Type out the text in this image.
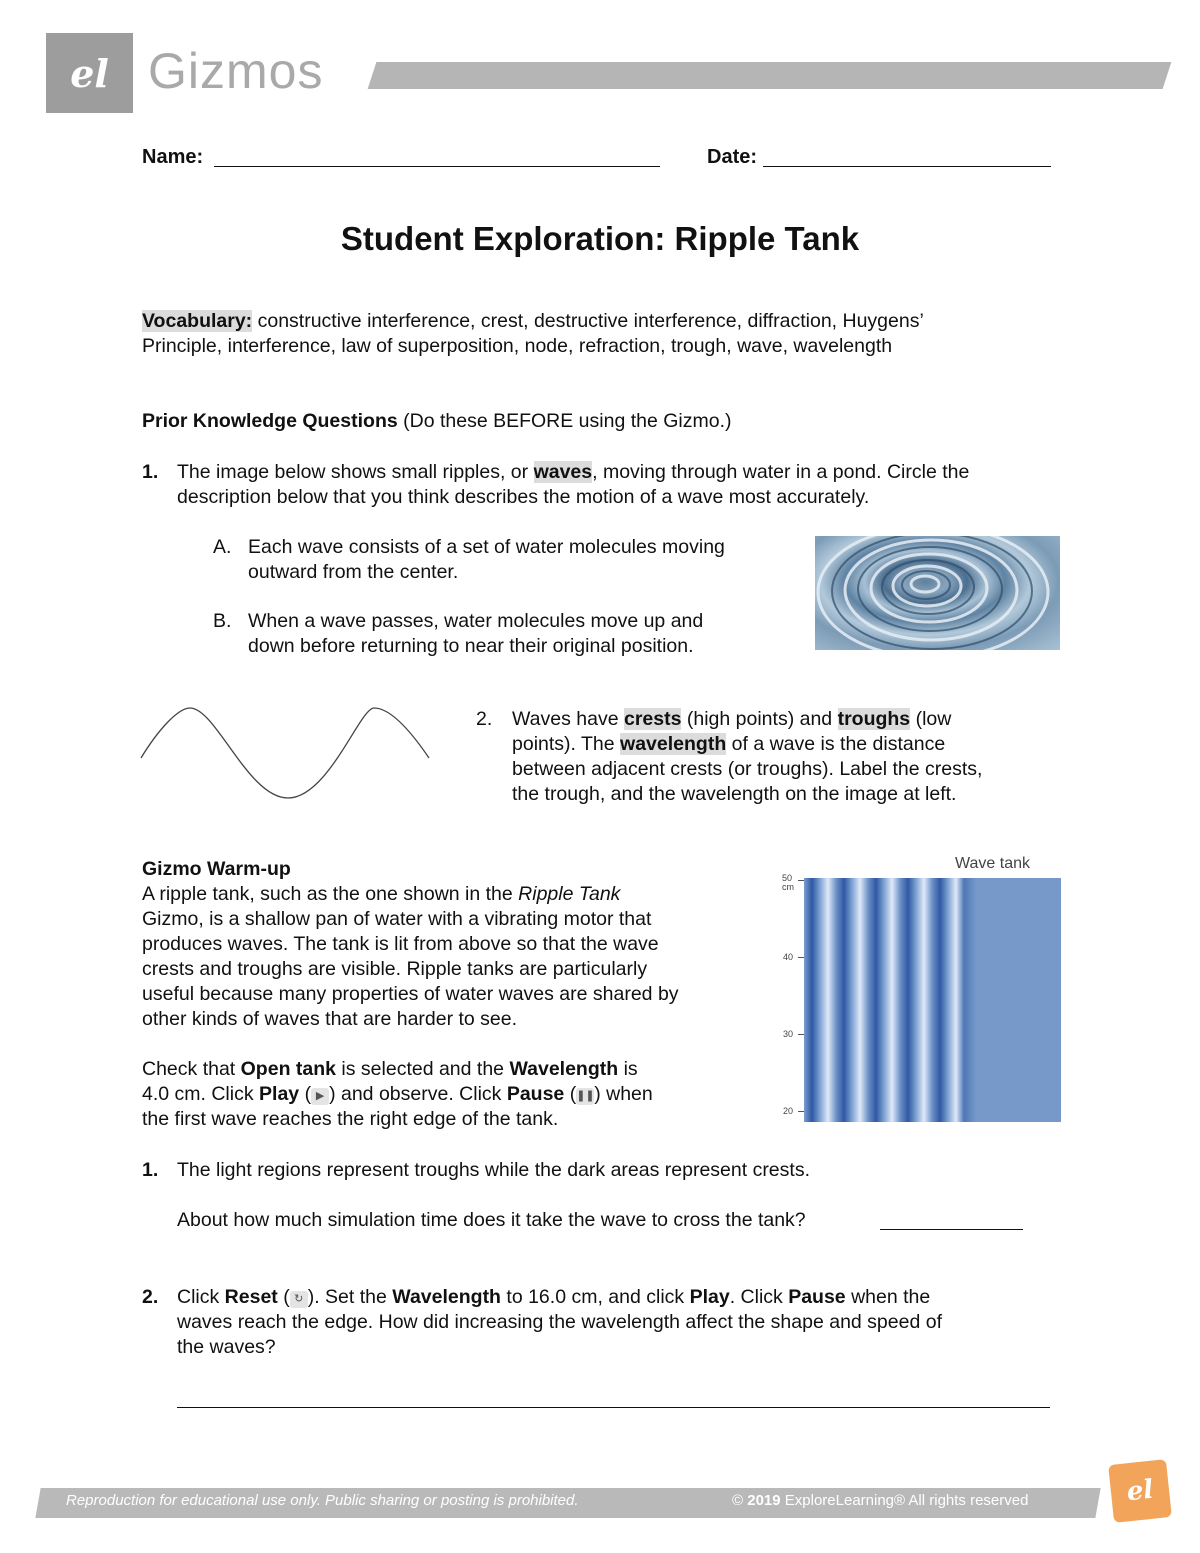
el Gizmos
Name:	Date:
Student Exploration: Ripple Tank
Vocabulary: constructive interference, crest, destructive interference, diffraction, Huygens’
Principle, interference, law of superposition, node, refraction, trough, wave, wavelength
Prior Knowledge Questions (Do these BEFORE using the Gizmo.)
1. The image below shows small ripples, or waves, moving through water in a pond. Circle the
description below that you think describes the motion of a wave most accurately.
A. Each wave consists of a set of water molecules moving
outward from the center.
B. When a wave passes, water molecules move up and
down before returning to near their original position.
2. Waves have crests (high points) and troughs (low
points). The wavelength of a wave is the distance
between adjacent crests (or troughs). Label the crests,
the trough, and the wavelength on the image at left.
Gizmo Warm-up
A ripple tank, such as the one shown in the Ripple Tank
Gizmo, is a shallow pan of water with a vibrating motor that
produces waves. The tank is lit from above so that the wave
crests and troughs are visible. Ripple tanks are particularly
useful because many properties of water waves are shared by
other kinds of waves that are harder to see.
Check that Open tank is selected and the Wavelength is
4.0 cm. Click Play ( ▶ ) and observe. Click Pause (❚❚) when
the first wave reaches the right edge of the tank.
Wave tank
50 cm
40
30
20
1. The light regions represent troughs while the dark areas represent crests.
About how much simulation time does it take the wave to cross the tank?
2. Click Reset ( ↻ ). Set the Wavelength to 16.0 cm, and click Play. Click Pause when the
waves reach the edge. How did increasing the wavelength affect the shape and speed of
the waves?
Reproduction for educational use only. Public sharing or posting is prohibited.	© 2019 ExploreLearning® All rights reserved	el
